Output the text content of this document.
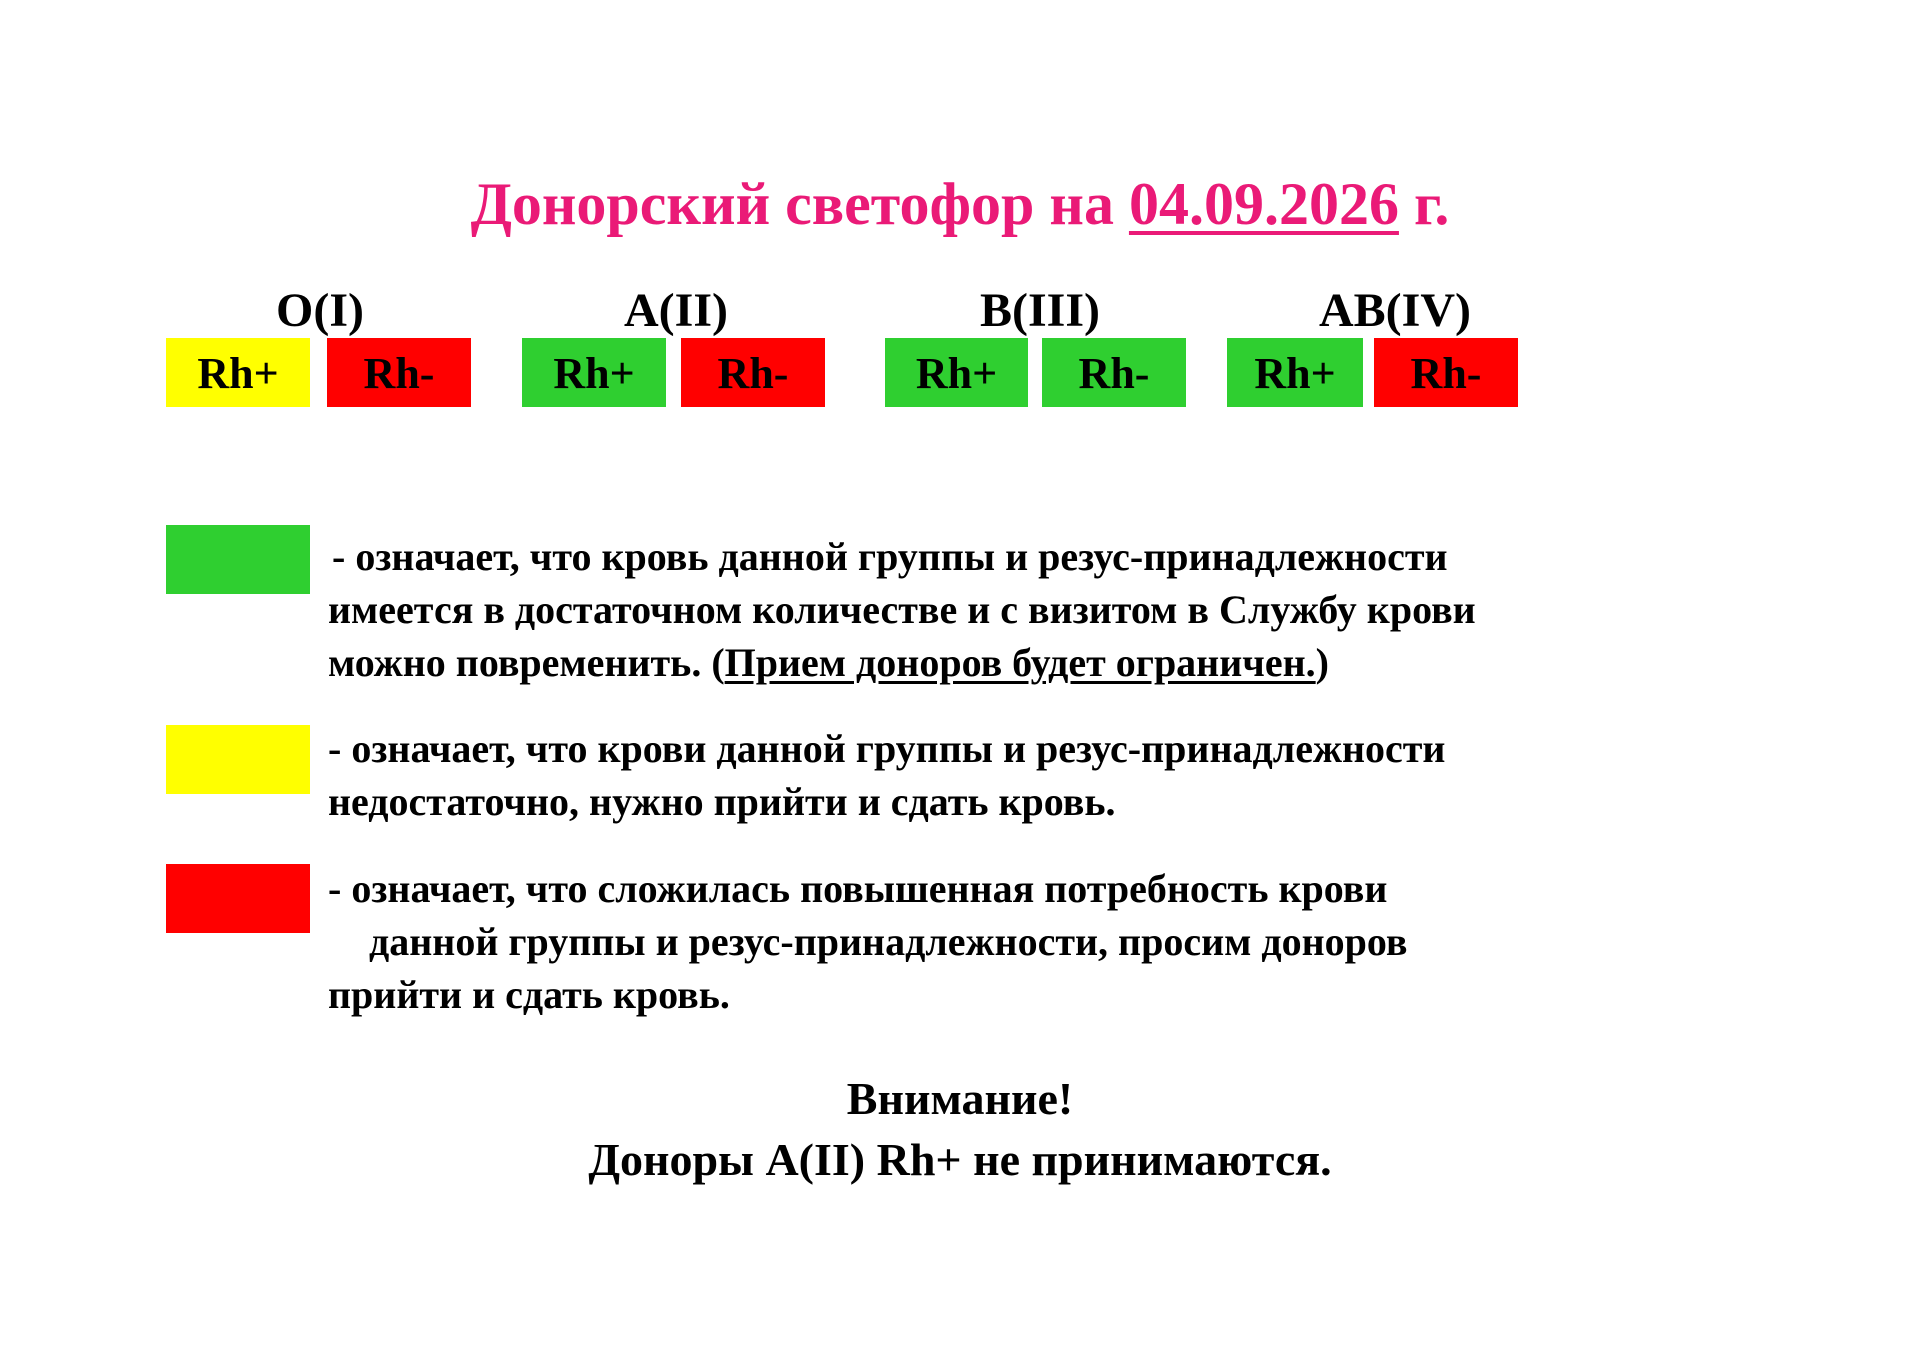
Донорский светофор на 04.09.2026 г.
O(I)	A(II)	B(III)	AB(IV)
Rh+	Rh-	Rh+	Rh-	Rh+	Rh-	Rh+	Rh-

- означает, что кровь данной группы и резус-принадлежности
имеется в достаточном количестве и с визитом в Службу крови
можно повременить. (Прием доноров будет ограничен.)

- означает, что крови данной группы и резус-принадлежности
недостаточно, нужно прийти и сдать кровь.

- означает, что сложилась повышенная потребность крови
данной группы и резус-принадлежности, просим доноров
прийти и сдать кровь.

Внимание!
Доноры А(II) Rh+ не принимаются.
